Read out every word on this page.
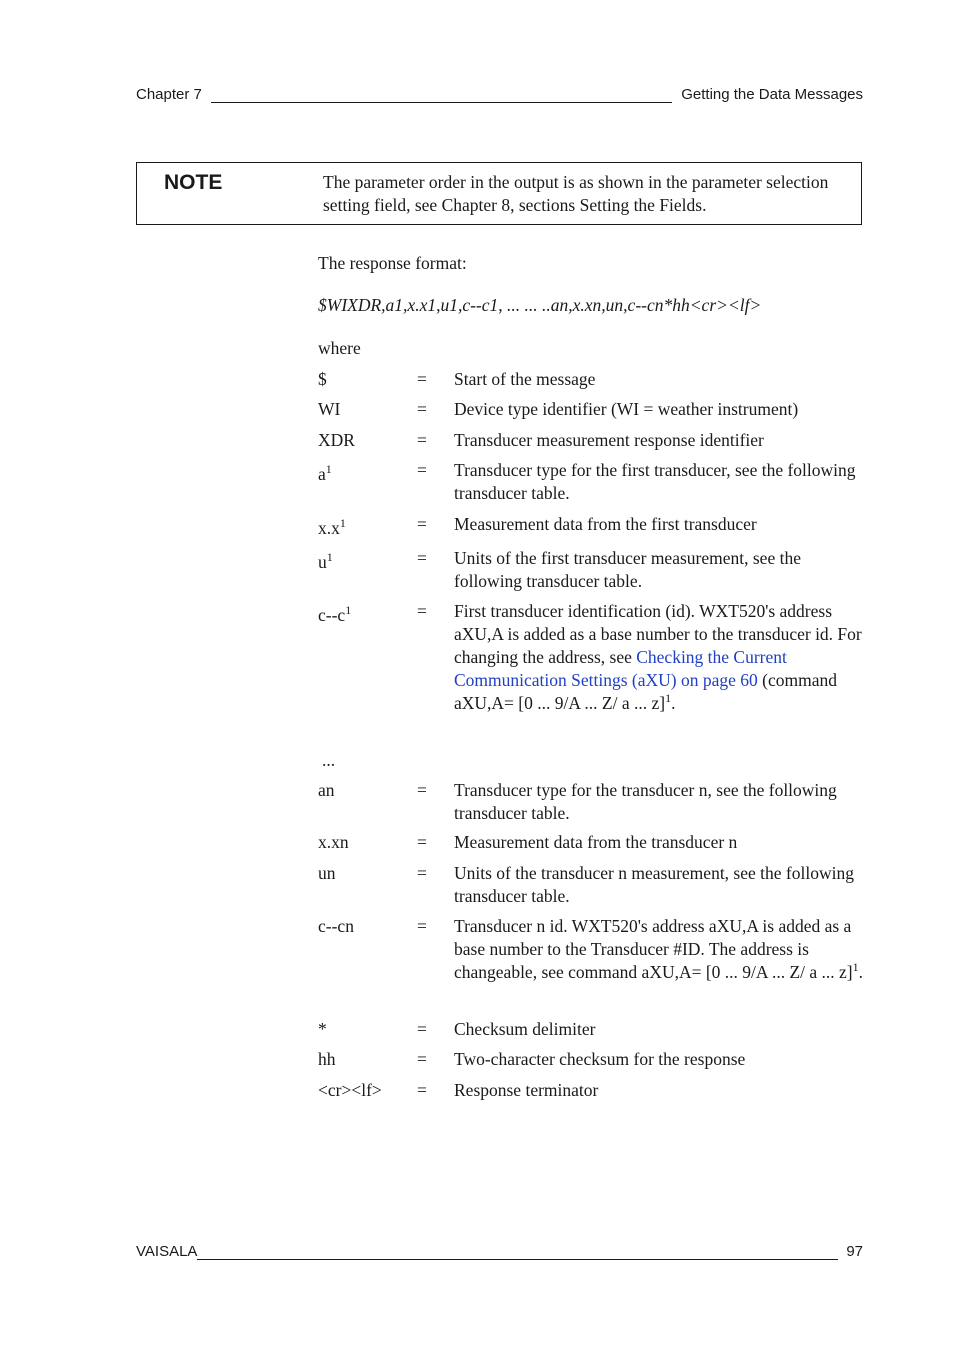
Chapter 7	Getting the Data Messages
NOTE	The parameter order in the output is as shown in the parameter selection setting field, see Chapter 8, sections Setting the Fields.
The response format:
$WIXDR,a1,x.x1,u1,c--c1, ... ... ..an,x.xn,un,c--cn*hh<cr><lf>
where
$	= Start of the message
WI	= Device type identifier (WI = weather instrument)
XDR	= Transducer measurement response identifier
$a^1$	= Transducer type for the first transducer, see the following transducer table.
$x.x^1$	= Measurement data from the first transducer
$u^1$	= Units of the first transducer measurement, see the following transducer table.
$c--c^1$	= First transducer identification (id). WXT520's address aXU,A is added as a base number to the transducer id. For changing the address, see Checking the Current Communication Settings (aXU) on page 60 (command aXU,A= [0 ... 9/A ... Z/ a ... z]$^1$.
...
an	= Transducer type for the transducer n, see the following transducer table.
x.xn	= Measurement data from the transducer n
un	= Units of the transducer n measurement, see the following transducer table.
c--cn	= Transducer n id. WXT520's address aXU,A is added as a base number to the Transducer #ID. The address is changeable, see command aXU,A= [0 ... 9/A ... Z/ a ... z]$^1$.
*	= Checksum delimiter
hh	= Two-character checksum for the response
<cr><lf> = Response terminator
VAISALA	97
